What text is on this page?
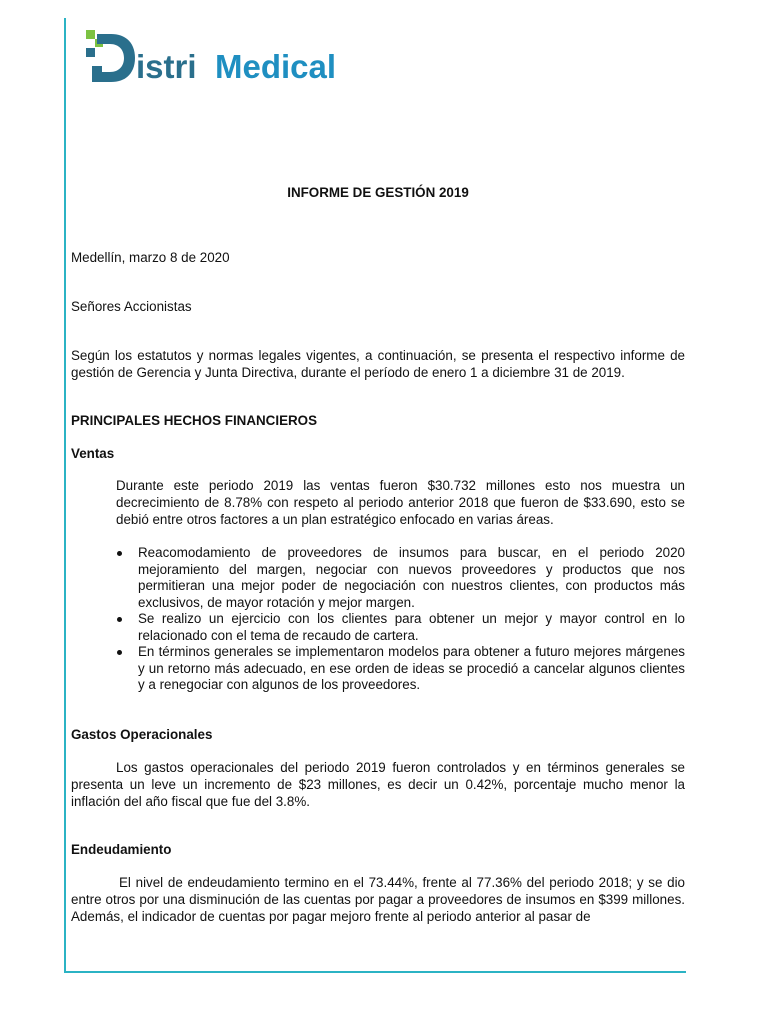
istri Medical
INFORME DE GESTIÓN 2019
Medellín, marzo 8 de 2020
Señores Accionistas
Según los estatutos y normas legales vigentes, a continuación, se presenta el respectivo informe de gestión de Gerencia y Junta Directiva, durante el período de enero 1 a diciembre 31 de 2019.
PRINCIPALES HECHOS FINANCIEROS
Ventas
Durante este periodo 2019 las ventas fueron $30.732 millones esto nos muestra un decrecimiento de 8.78% con respeto al periodo anterior 2018 que fueron de $33.690, esto se debió entre otros factores a un plan estratégico enfocado en varias áreas.
Reacomodamiento de proveedores de insumos para buscar, en el periodo 2020 mejoramiento del margen, negociar con nuevos proveedores y productos que nos permitieran una mejor poder de negociación con nuestros clientes, con productos más exclusivos, de mayor rotación y mejor margen.
Se realizo un ejercicio con los clientes para obtener un mejor y mayor control en lo relacionado con el tema de recaudo de cartera.
En términos generales se implementaron modelos para obtener a futuro mejores márgenes y un retorno más adecuado, en ese orden de ideas se procedió a cancelar algunos clientes y a renegociar con algunos de los proveedores.
Gastos Operacionales
Los gastos operacionales del periodo 2019 fueron controlados y en términos generales se presenta un leve un incremento de $23 millones, es decir un 0.42%, porcentaje mucho menor la inflación del año fiscal que fue del 3.8%.
Endeudamiento
El nivel de endeudamiento termino en el 73.44%, frente al 77.36% del periodo 2018; y se dio entre otros por una disminución de las cuentas por pagar a proveedores de insumos en $399 millones. Además, el indicador de cuentas por pagar mejoro frente al periodo anterior al pasar de
